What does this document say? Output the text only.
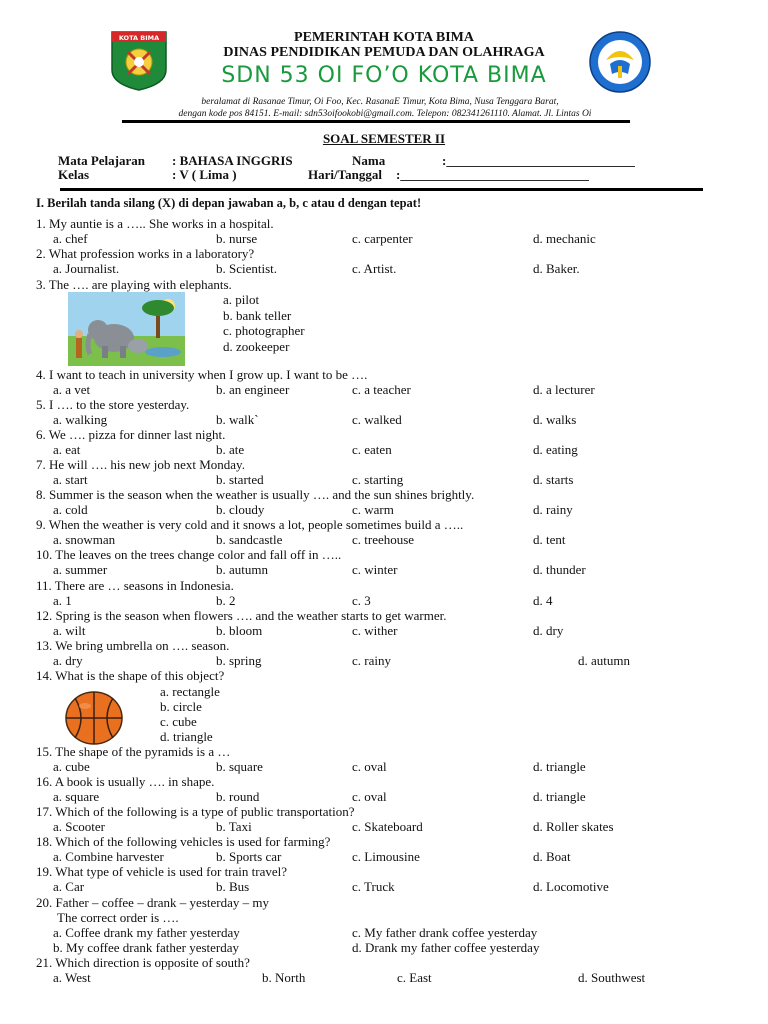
KOTA BIMA	PEMERINTAH KOTA BIMA
DINAS PENDIDIKAN PEMUDA DAN OLAHRAGA
SDN 53 OI FO’O KOTA BIMA
beralamat di Rasanae Timur, Oi Foo, Kec. RasanaE Timur, Kota Bima, Nusa Tenggara Barat,
dengan kode pos 84151. E-mail: sdn53oifookobi@gmail.com. Telepon: 082341261110. Alamat. Jl. Lintas Oi
SOAL SEMESTER II
Mata Pelajaran : BAHASA INGGRIS	Nama	:_____________________________
Kelas	: V ( Lima )	Hari/Tanggal :_____________________________
I. Berilah tanda silang (X) di depan jawaban a, b, c atau d dengan tepat!
1. My auntie is a ….. She works in a hospital.
a. chef	b. nurse	c. carpenter	d. mechanic
2. What profession works in a laboratory?
a. Journalist.	b. Scientist.	c. Artist.	d. Baker.
3. The …. are playing with elephants.
a. pilot
b. bank teller
c. photographer
d. zookeeper
4. I want to teach in university when I grow up. I want to be ….
a. a vet	b. an engineer	c. a teacher	d. a lecturer
5. I …. to the store yesterday.
a. walking	b. walk`	c. walked	d. walks
6. We …. pizza for dinner last night.
a. eat	b. ate	c. eaten	d. eating
7. He will …. his new job next Monday.
a. start	b. started	c. starting	d. starts
8. Summer is the season when the weather is usually …. and the sun shines brightly.
a. cold	b. cloudy	c. warm	d. rainy
9. When the weather is very cold and it snows a lot, people sometimes build a …..
a. snowman	b. sandcastle	c. treehouse	d. tent
10. The leaves on the trees change color and fall off in …..
a. summer	b. autumn	c. winter	d. thunder
11. There are … seasons in Indonesia.
a. 1	b. 2	c. 3	d. 4
12. Spring is the season when flowers …. and the weather starts to get warmer.
a. wilt	b. bloom	c. wither	d. dry
13. We bring umbrella on …. season.
a. dry	b. spring	c. rainy	d. autumn
14. What is the shape of this object?
a. rectangle
b. circle
c. cube
d. triangle
15. The shape of the pyramids is a …
a. cube	b. square	c. oval	d. triangle
16. A book is usually …. in shape.
a. square	b. round	c. oval	d. triangle
17. Which of the following is a type of public transportation?
a. Scooter	b. Taxi	c. Skateboard	d. Roller skates
18. Which of the following vehicles is used for farming?
a. Combine harvester	b. Sports car	c. Limousine	d. Boat
19. What type of vehicle is used for train travel?
a. Car	b. Bus	c. Truck	d. Locomotive
20. Father – coffee – drank – yesterday – my
The correct order is ….
a. Coffee drank my father yesterday	c. My father drank coffee yesterday
b. My coffee drank father yesterday	d. Drank my father coffee yesterday
21. Which direction is opposite of south?
a. West	b. North	c. East	d. Southwest
